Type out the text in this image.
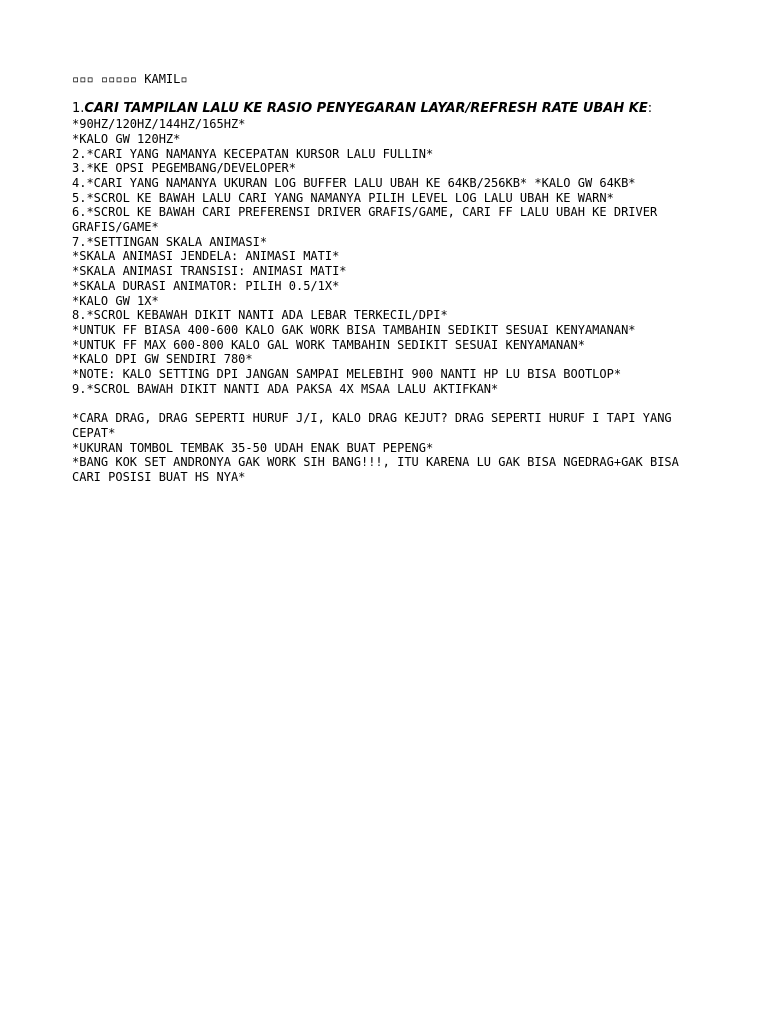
▫▫▫ ▫▫▫▫▫ KAMIL▫
1.CARI TAMPILAN LALU KE RASIO PENYEGARAN LAYAR/REFRESH RATE UBAH KE:
*90HZ/120HZ/144HZ/165HZ*
*KALO GW 120HZ*
2.*CARI YANG NAMANYA KECEPATAN KURSOR LALU FULLIN*
3.*KE OPSI PEGEMBANG/DEVELOPER*
4.*CARI YANG NAMANYA UKURAN LOG BUFFER LALU UBAH KE 64KB/256KB* *KALO GW 64KB*
5.*SCROL KE BAWAH LALU CARI YANG NAMANYA PILIH LEVEL LOG LALU UBAH KE WARN*
6.*SCROL KE BAWAH CARI PREFERENSI DRIVER GRAFIS/GAME, CARI FF LALU UBAH KE DRIVER GRAFIS/GAME*
7.*SETTINGAN SKALA ANIMASI*
*SKALA ANIMASI JENDELA: ANIMASI MATI*
*SKALA ANIMASI TRANSISI: ANIMASI MATI*
*SKALA DURASI ANIMATOR: PILIH 0.5/1X*
*KALO GW 1X*
8.*SCROL KEBAWAH DIKIT NANTI ADA LEBAR TERKECIL/DPI*
*UNTUK FF BIASA 400-600 KALO GAK WORK BISA TAMBAHIN SEDIKIT SESUAI KENYAMANAN*
*UNTUK FF MAX 600-800 KALO GAL WORK TAMBAHIN SEDIKIT SESUAI KENYAMANAN*
*KALO DPI GW SENDIRI 780*
*NOTE: KALO SETTING DPI JANGAN SAMPAI MELEBIHI 900 NANTI HP LU BISA BOOTLOP*
9.*SCROL BAWAH DIKIT NANTI ADA PAKSA 4X MSAA LALU AKTIFKAN*
*CARA DRAG, DRAG SEPERTI HURUF J/I, KALO DRAG KEJUT? DRAG SEPERTI HURUF I TAPI YANG CEPAT*
*UKURAN TOMBOL TEMBAK 35-50 UDAH ENAK BUAT PEPENG*
*BANG KOK SET ANDRONYA GAK WORK SIH BANG!!!, ITU KARENA LU GAK BISA NGEDRAG+GAK BISA CARI POSISI BUAT HS NYA*
